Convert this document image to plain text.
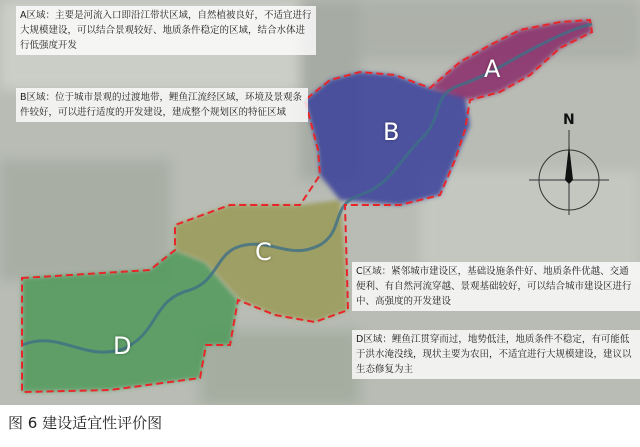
A区域：主要是河流入口即沿江带状区域，自然植被良好，不适宜进行大规模建设，可以结合景观较好、地质条件稳定的区域，结合水体进行低强度开发

B区域：位于城市景观的过渡地带，鲤鱼江流经区域，环境及景观条件较好，可以进行适度的开发建设，建成整个规划区的特征区域

C区域：紧邻城市建设区，基础设施条件好、地质条件优越、交通便利、有自然河流穿越、景观基础较好，可以结合城市建设区进行中、高强度的开发建设

D区域：鲤鱼江贯穿而过，地势低洼，地质条件不稳定，有可能低于洪水淹没线，现状主要为农田，不适宜进行大规模建设，建议以生态修复为主

A
B
C
D
N
图 6 建设适宜性评价图
